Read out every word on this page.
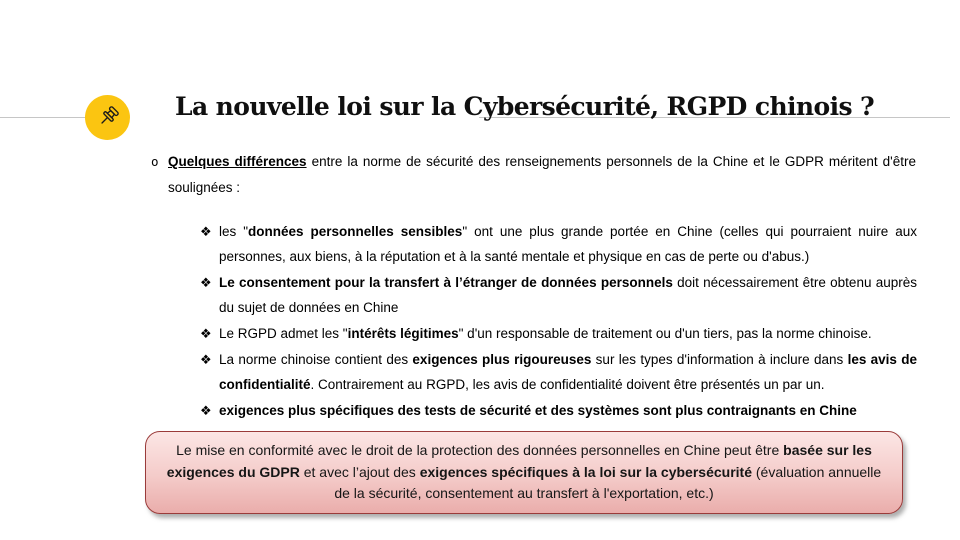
La nouvelle loi sur la Cybersécurité, RGPD chinois ?
o Quelques différences entre la norme de sécurité des renseignements personnels de la Chine et le GDPR méritent d'être soulignées :
❖ les "données personnelles sensibles" ont une plus grande portée en Chine (celles qui pourraient nuire aux personnes, aux biens, à la réputation et à la santé mentale et physique en cas de perte ou d'abus.)
❖ Le consentement pour la transfert à l’étranger de données personnels doit nécessairement être obtenu auprès du sujet de données en Chine
❖ Le RGPD admet les "intérêts légitimes" d'un responsable de traitement ou d'un tiers, pas la norme chinoise.
❖ La norme chinoise contient des exigences plus rigoureuses sur les types d'information à inclure dans les avis de confidentialité. Contrairement au RGPD, les avis de confidentialité doivent être présentés un par un.
❖ exigences plus spécifiques des tests de sécurité et des systèmes sont plus contraignants en Chine
Le mise en conformité avec le droit de la protection des données personnelles en Chine peut être basée sur les exigences du GDPR et avec l’ajout des exigences spécifiques à la loi sur la cybersécurité (évaluation annuelle de la sécurité, consentement au transfert à l'exportation, etc.)
